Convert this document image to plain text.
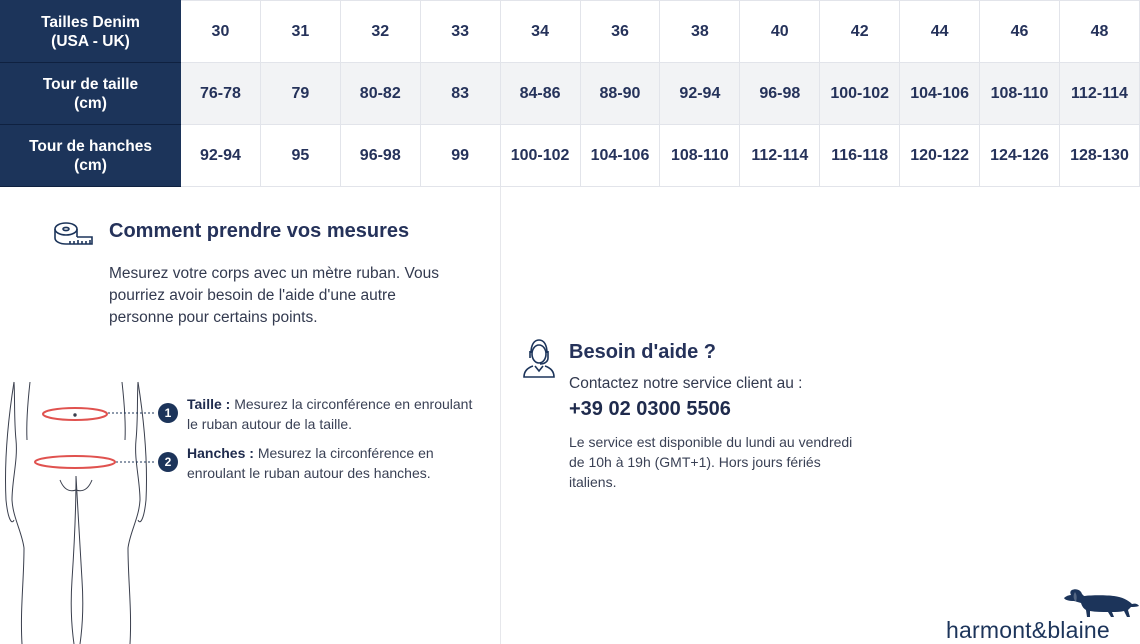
Tailles Denim
(USA - UK)	30	31	32	33	34	36	38	40	42	44	46	48
Tour de taille
(cm)	76-78	79	80-82	83	84-86	88-90	92-94	96-98	100-102	104-106	108-110	112-114
Tour de hanches
(cm)	92-94	95	96-98	99	100-102	104-106	108-110	112-114	116-118	120-122	124-126	128-130
Comment prendre vos mesures
Mesurez votre corps avec un mètre ruban. Vous pourriez avoir besoin de l'aide d'une autre personne pour certains points.
1
Taille : Mesurez la circonférence en enroulant le ruban autour de la taille.
2
Hanches : Mesurez la circonférence en enroulant le ruban autour des hanches.
Besoin d'aide ?
Contactez notre service client au :
+39 02 0300 5506
Le service est disponible du lundi au vendredi de 10h à 19h (GMT+1). Hors jours fériés italiens.
harmont&blaine
